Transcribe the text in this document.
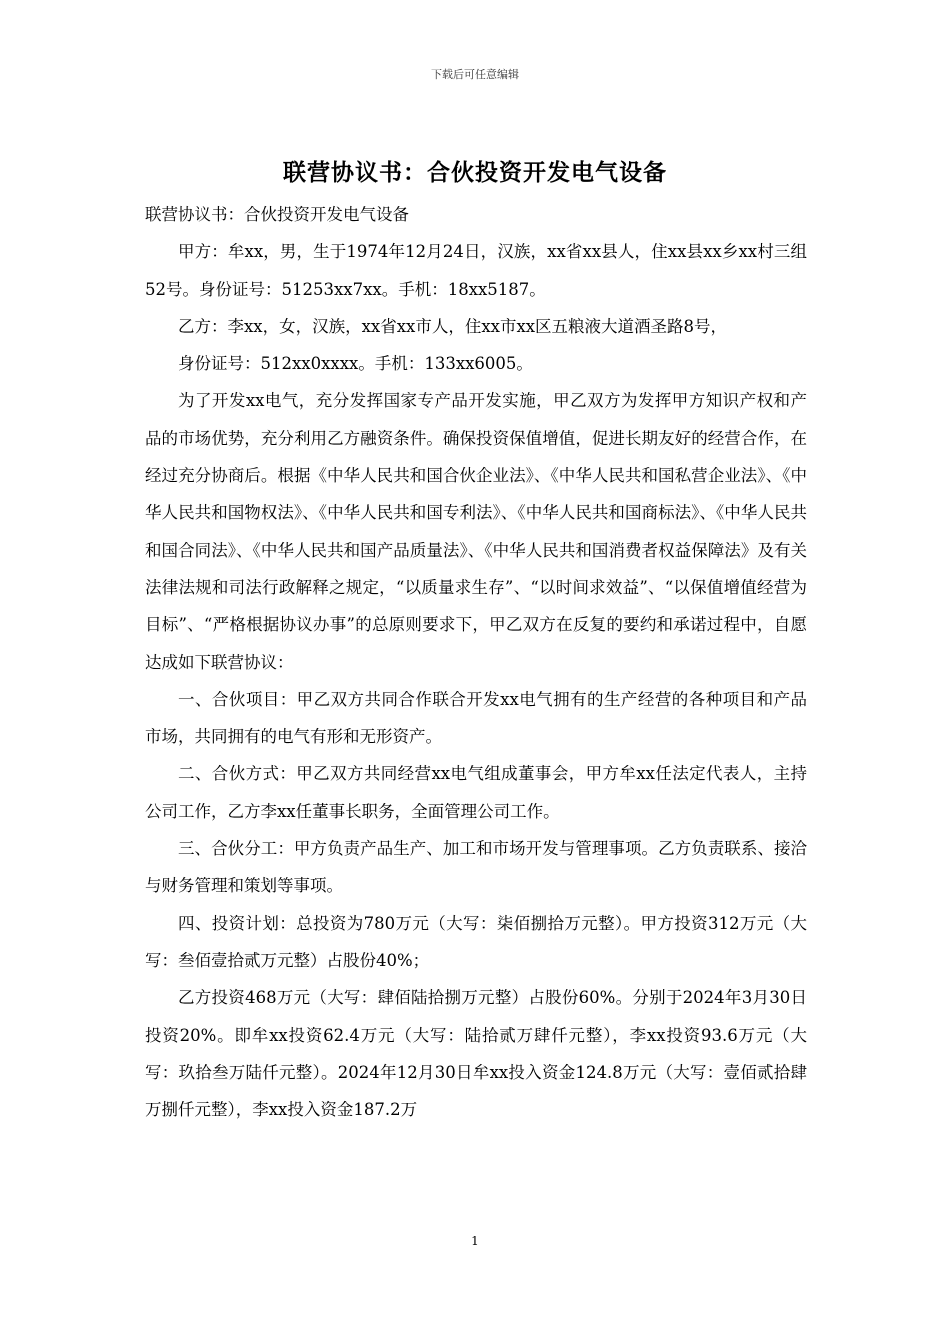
下载后可任意编辑
联营协议书：合伙投资开发电气设备

联营协议书：合伙投资开发电气设备

甲方：牟xx，男，生于1974年12月24日，汉族，xx省xx县人，住xx县xx乡xx村三组52号。身份证号：51253xx7xx。手机：18xx5187。

乙方：李xx，女，汉族，xx省xx市人，住xx市xx区五粮液大道酒圣路8号，

身份证号：512xx0xxxx。手机：133xx6005。

为了开发xx电气，充分发挥国家专产品开发实施，甲乙双方为发挥甲方知识产权和产品的市场优势，充分利用乙方融资条件。确保投资保值增值，促进长期友好的经营合作，在经过充分协商后。根据《中华人民共和国合伙企业法》、《中华人民共和国私营企业法》、《中华人民共和国物权法》、《中华人民共和国专利法》、《中华人民共和国商标法》、《中华人民共和国合同法》、《中华人民共和国产品质量法》、《中华人民共和国消费者权益保障法》及有关法律法规和司法行政解释之规定，“以质量求生存”、“以时间求效益”、“以保值增值经营为目标”、“严格根据协议办事”的总原则要求下，甲乙双方在反复的要约和承诺过程中，自愿达成如下联营协议：

一、合伙项目：甲乙双方共同合作联合开发xx电气拥有的生产经营的各种项目和产品市场，共同拥有的电气有形和无形资产。

二、合伙方式：甲乙双方共同经营xx电气组成董事会，甲方牟xx任法定代表人，主持公司工作，乙方李xx任董事长职务，全面管理公司工作。

三、合伙分工：甲方负责产品生产、加工和市场开发与管理事项。乙方负责联系、接洽与财务管理和策划等事项。

四、投资计划：总投资为780万元（大写：柒佰捌拾万元整）。甲方投资312万元（大写：叁佰壹拾贰万元整）占股份40%；

乙方投资468万元（大写：肆佰陆拾捌万元整）占股份60%。分别于2024年3月30日投资20%。即牟xx投资62.4万元（大写：陆拾贰万肆仟元整），李xx投资93.6万元（大写：玖拾叁万陆仟元整）。2024年12月30日牟xx投入资金124.8万元（大写：壹佰贰拾肆万捌仟元整），李xx投入资金187.2万

1
